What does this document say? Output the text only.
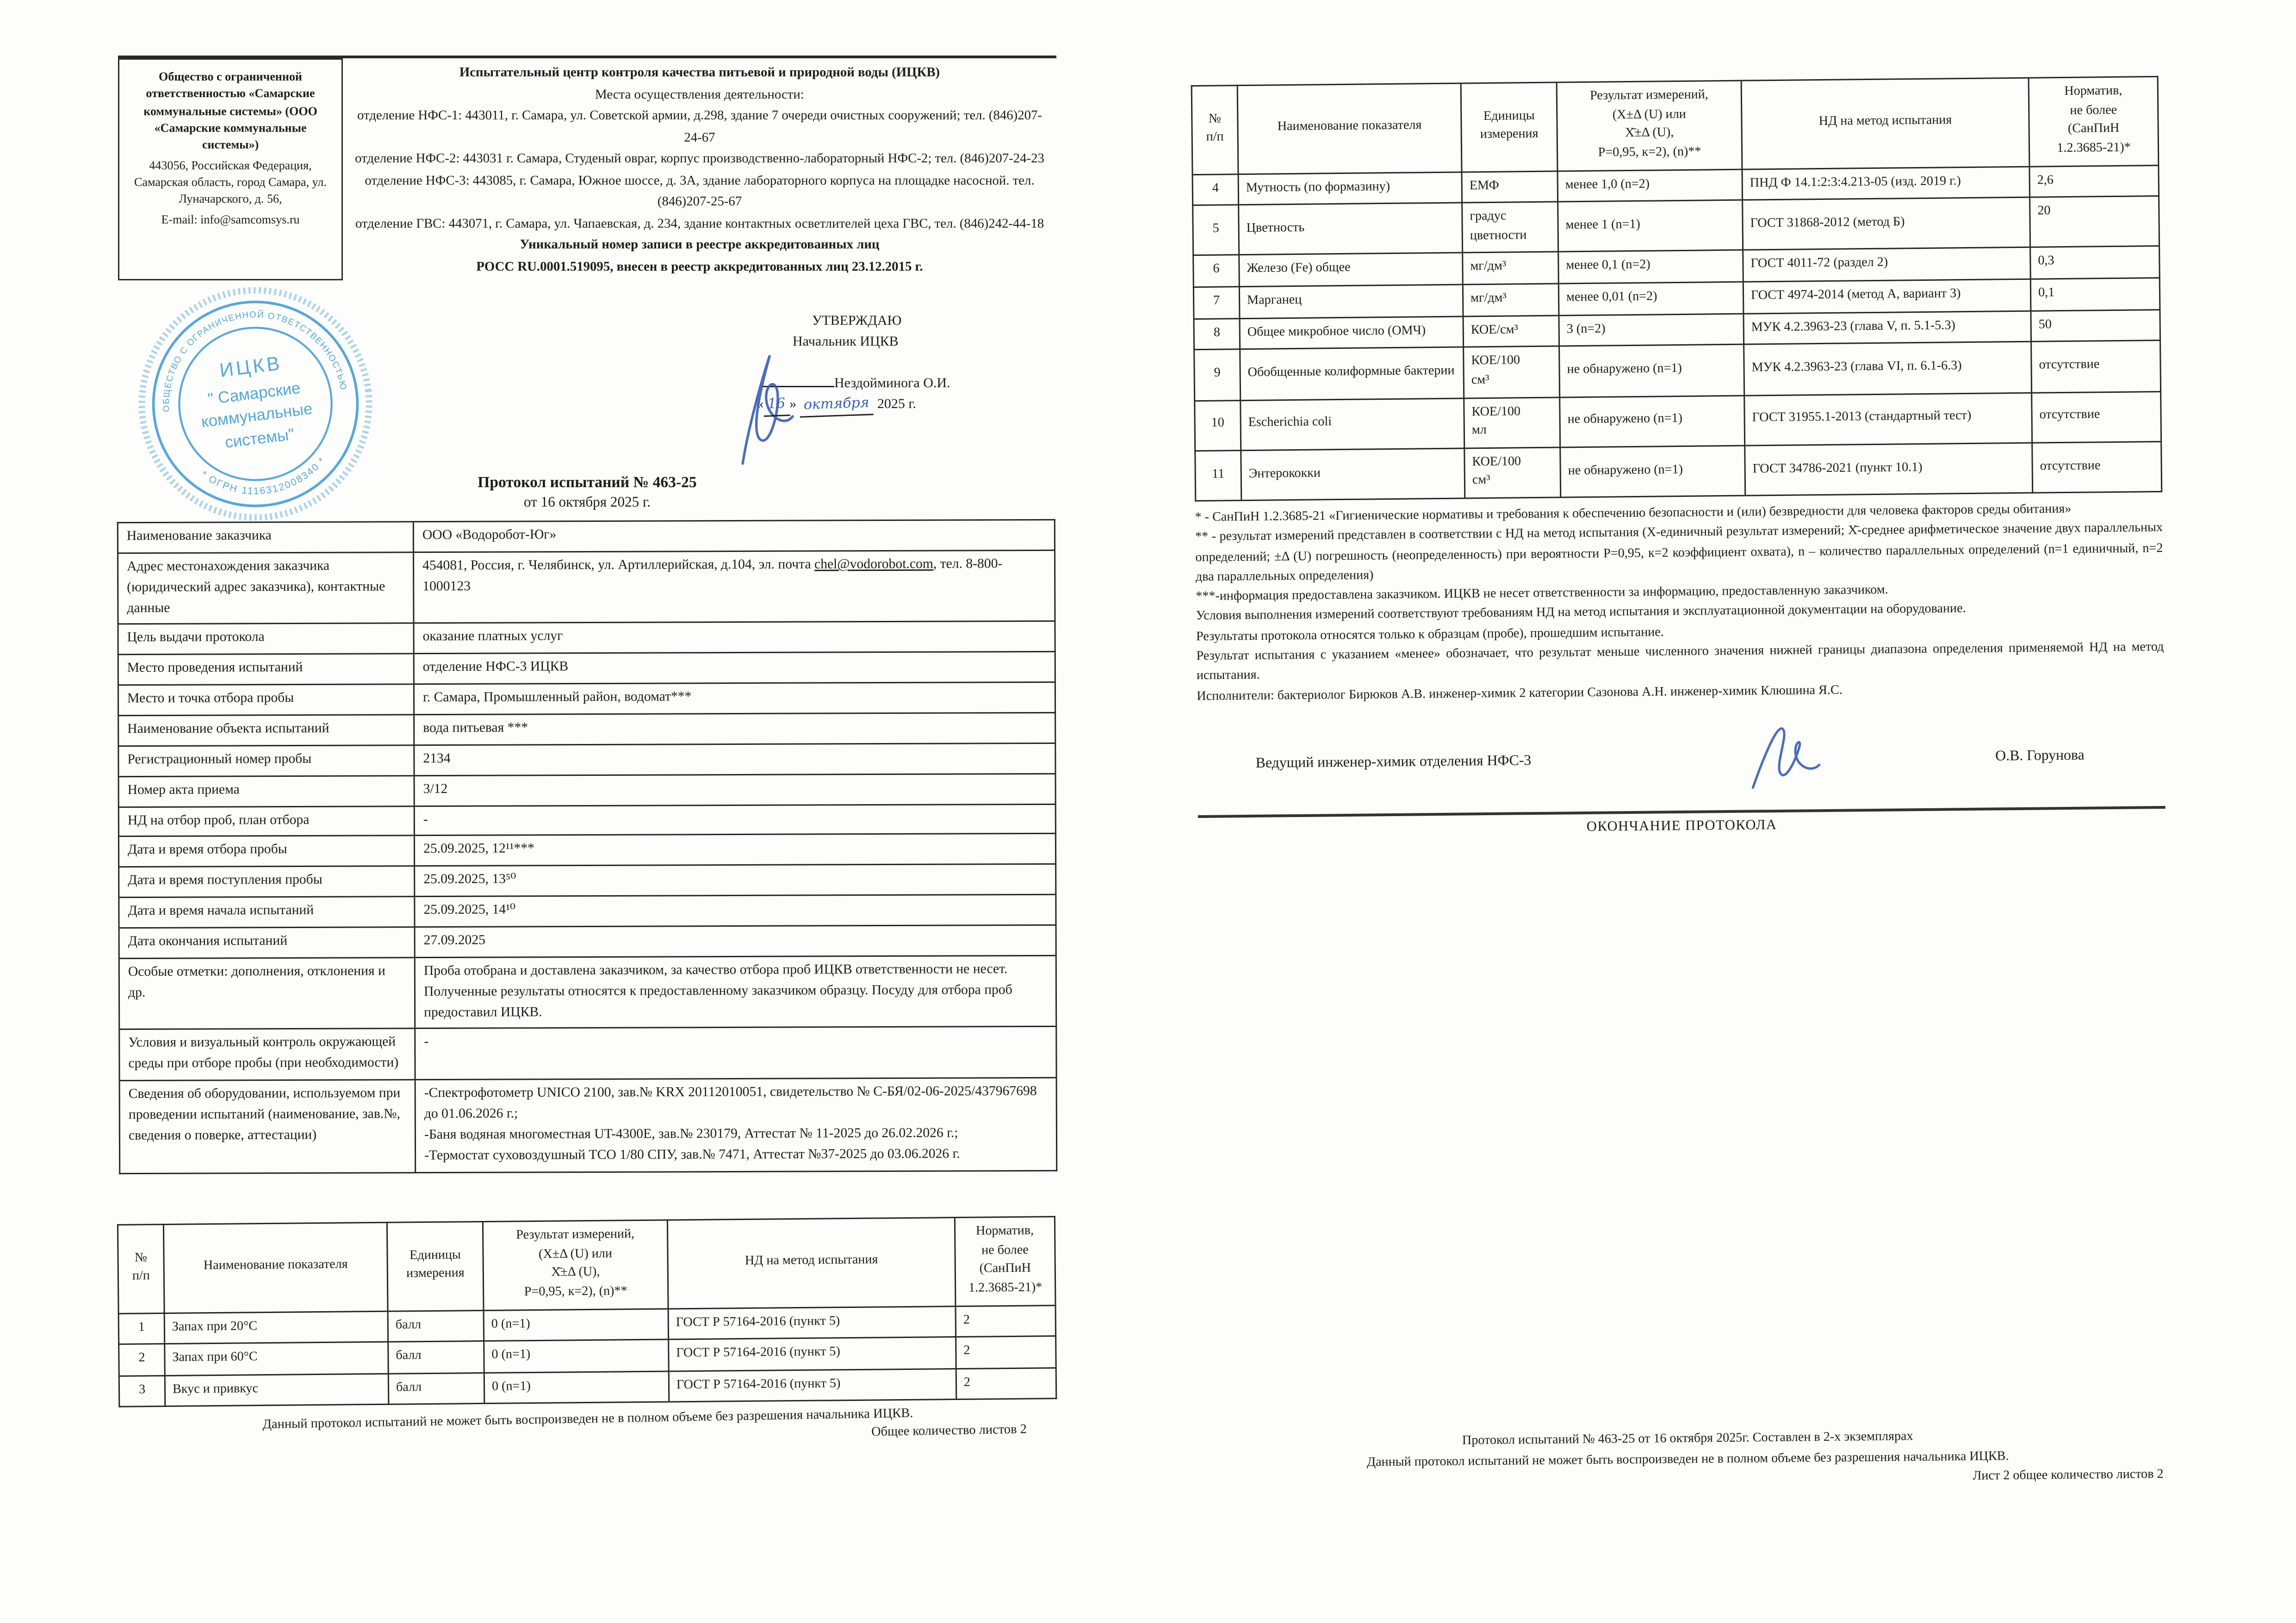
Общество с ограниченной ответственностью «Самарские коммунальные системы» (ООО «Самарские коммунальные системы»)
443056, Российская Федерация, Самарская область, город Самара, ул. Луначарского, д. 56,
E-mail: info@samcomsys.ru
Испытательный центр контроля качества питьевой и природной воды (ИЦКВ)
Места осуществления деятельности:
отделение НФС-1: 443011, г. Самара, ул. Советской армии, д.298, здание 7 очереди очистных сооружений; тел. (846)207-24-67
отделение НФС-2: 443031 г. Самара, Студеный овраг, корпус производственно-лабораторный НФС-2; тел. (846)207-24-23
отделение НФС-3: 443085, г. Самара, Южное шоссе, д. 3А, здание лабораторного корпуса на площадке насосной. тел. (846)207-25-67
отделение ГВС: 443071, г. Самара, ул. Чапаевская, д. 234, здание контактных осветлителей цеха ГВС, тел. (846)242-44-18
Уникальный номер записи в реестре аккредитованных лиц
РОСС RU.0001.519095, внесен в реестр аккредитованных лиц 23.12.2015 г.
ОБЩЕСТВО С ОГРАНИЧЕННОЙ ОТВЕТСТВЕННОСТЬЮ
* ОГРН 1116312008340 *
ИЦКВ
" Самарские
коммунальные
системы"
УТВЕРЖДАЮ
Начальник ИЦКВ
Нездойминога О.И.
« 16 » октября 2025 г.
Протокол испытаний № 463-25
от 16 октября 2025 г.
Наименование заказчика	ООО «Водоробот-Юг»
Адрес местонахождения заказчика (юридический адрес заказчика), контактные данные	454081, Россия, г. Челябинск, ул. Артиллерийская, д.104, эл. почта chel@vodorobot.com, тел. 8-800-1000123
Цель выдачи протокола	оказание платных услуг
Место проведения испытаний	отделение НФС-3 ИЦКВ
Место и точка отбора пробы	г. Самара, Промышленный район, водомат***
Наименование объекта испытаний	вода питьевая ***
Регистрационный номер пробы	2134
Номер акта приема	3/12
НД на отбор проб, план отбора	-
Дата и время отбора пробы	25.09.2025, 12¹¹***
Дата и время поступления пробы	25.09.2025, 13⁵⁰
Дата и время начала испытаний	25.09.2025, 14¹⁰
Дата окончания испытаний	27.09.2025
Особые отметки: дополнения, отклонения и др.	Проба отобрана и доставлена заказчиком, за качество отбора проб ИЦКВ ответственности не несет. Полученные результаты относятся к предоставленному заказчиком образцу. Посуду для отбора проб предоставил ИЦКВ.
Условия и визуальный контроль окружающей среды при отборе пробы (при необходимости)	-
Сведения об оборудовании, используемом при проведении испытаний (наименование, зав.№, сведения о поверке, аттестации)	-Спектрофотометр UNICO 2100, зав.№ KRX 20112010051, свидетельство № С-БЯ/02-06-2025/437967698 до 01.06.2026 г.;
-Баня водяная многоместная UT-4300E, зав.№ 230179, Аттестат № 11-2025 до 26.02.2026 г.;
-Термостат суховоздушный ТСО 1/80 СПУ, зав.№ 7471, Аттестат №37-2025 до 03.06.2026 г.
№
п/п	Наименование показателя	Единицы
измерения	Результат измерений,
(Х±Δ (U) или
Х̄±Δ (U),
Р=0,95, к=2), (n)**	НД на метод испытания	Норматив,
не более
(СанПиН
1.2.3685-21)*
1	Запах при 20°С	балл	0 (n=1)	ГОСТ Р 57164-2016 (пункт 5)	2
2	Запах при 60°С	балл	0 (n=1)	ГОСТ Р 57164-2016 (пункт 5)	2
3	Вкус и привкус	балл	0 (n=1)	ГОСТ Р 57164-2016 (пункт 5)	2
Данный протокол испытаний не может быть воспроизведен не в полном объеме без разрешения начальника ИЦКВ.
Общее количество листов 2
№
п/п	Наименование показателя	Единицы
измерения	Результат измерений,
(Х±Δ (U) или
Х̄±Δ (U),
Р=0,95, к=2), (n)**	НД на метод испытания	Норматив,
не более
(СанПиН
1.2.3685-21)*
4	Мутность (по формазину)	ЕМФ	менее 1,0 (n=2)	ПНД Ф 14.1:2:3:4.213-05 (изд. 2019 г.)	2,6
5	Цветность	градус
цветности	менее 1 (n=1)	ГОСТ 31868-2012 (метод Б)	20
6	Железо (Fe) общее	мг/дм³	менее 0,1 (n=2)	ГОСТ 4011-72 (раздел 2)	0,3
7	Марганец	мг/дм³	менее 0,01 (n=2)	ГОСТ 4974-2014 (метод А, вариант 3)	0,1
8	Общее микробное число (ОМЧ)	КОЕ/см³	3 (n=2)	МУК 4.2.3963-23 (глава V, п. 5.1-5.3)	50
9	Обобщенные колиформные бактерии	КОЕ/100
см³	не обнаружено (n=1)	МУК 4.2.3963-23 (глава VI, п. 6.1-6.3)	отсутствие
10	Escherichia coli	КОЕ/100
мл	не обнаружено (n=1)	ГОСТ 31955.1-2013 (стандартный тест)	отсутствие
11	Энтерококки	КОЕ/100
см³	не обнаружено (n=1)	ГОСТ 34786-2021 (пункт 10.1)	отсутствие
* - СанПиН 1.2.3685-21 «Гигиенические нормативы и требования к обеспечению безопасности и (или) безвредности для человека факторов среды обитания»
** - результат измерений представлен в соответствии с НД на метод испытания (Х-единичный результат измерений; Х̄-среднее арифметическое значение двух параллельных определений; ±Δ (U) погрешность (неопределенность) при вероятности Р=0,95, к=2 коэффициент охвата), n – количество параллельных определений (n=1 единичный, n=2 два параллельных определения)
***-информация предоставлена заказчиком. ИЦКВ не несет ответственности за информацию, предоставленную заказчиком.
Условия выполнения измерений соответствуют требованиям НД на метод испытания и эксплуатационной документации на оборудование.
Результаты протокола относятся только к образцам (пробе), прошедшим испытание.
Результат испытания с указанием «менее» обозначает, что результат меньше численного значения нижней границы диапазона определения применяемой НД на метод испытания.
Исполнители: бактериолог Бирюков А.В. инженер-химик 2 категории Сазонова А.Н. инженер-химик Клюшина Я.С.
Ведущий инженер-химик отделения НФС-3	О.В. Горунова
ОКОНЧАНИЕ ПРОТОКОЛА
Протокол испытаний № 463-25 от 16 октября 2025г. Составлен в 2-х экземплярах
Данный протокол испытаний не может быть воспроизведен не в полном объеме без разрешения начальника ИЦКВ.
Лист 2 общее количество листов 2
